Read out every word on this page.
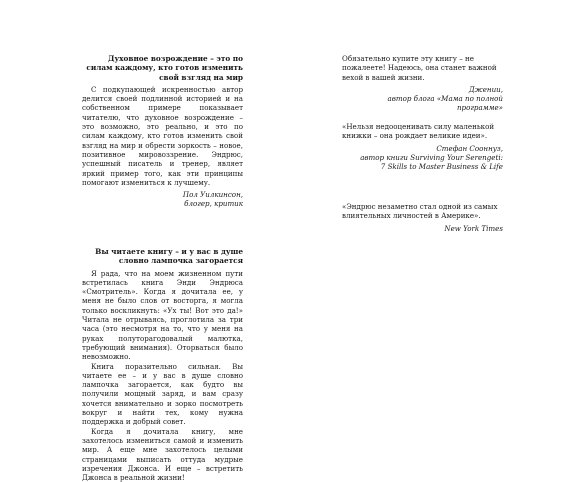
Духовное возрождение – это по силам каждому, кто готов изменить свой взгляд на мир

С подкупающей искренностью автор делится своей подлинной историей и на собственном примере показывает читателю, что духовное возрождение – это возможно, это реально, и это по силам каждому, кто готов изменить свой взгляд на мир и обрести зоркость – новое, позитивное мировоззрение. Эндрюс, успешный писатель и тренер, являет яркий пример того, как эти принципы помогают измениться к лучшему.

Пол Уилкинсон,
блогер, критик

Вы читаете книгу – и у вас в душе словно лампочка загорается

Я рада, что на моем жизненном пути встретилась книга Энди Эндрюса «Смотритель». Когда я дочитала ее, у меня не было слов от восторга, я могла только воскликнуть: «Ух ты! Вот это да!» Читала не отрываясь, проглотила за три часа (это несмотря на то, что у меня на руках полуторагодовалый малютка, требующий внимания). Оторваться было невозможно.

Книга поразительно сильная. Вы читаете ее – и у вас в душе словно лампочка загорается, как будто вы получили мощный заряд, и вам сразу хочется внимательно и зорко посмотреть вокруг и найти тех, кому нужна поддержка и добрый совет.

Когда я дочитала книгу, мне захотелось измениться самой и изменить мир. А еще мне захотелось целыми страницами выписать оттуда мудрые изречения Джонса. И еще – встретить Джонса в реальной жизни!

Обязательно купите эту книгу – не пожалеете! Надеюсь, она станет важной вехой в вашей жизни.

Джении,
автор блога «Мама по полной программе»

«Нельзя недооценивать силу маленькой книжки – она рождает великие идеи».

Стефан Сооннуз,
автор книги Surviving Your Serengeti:
7 Skills to Master Business & Life

«Эндрюс незаметно стал одной из самых влиятельных личностей в Америке».

New York Times
